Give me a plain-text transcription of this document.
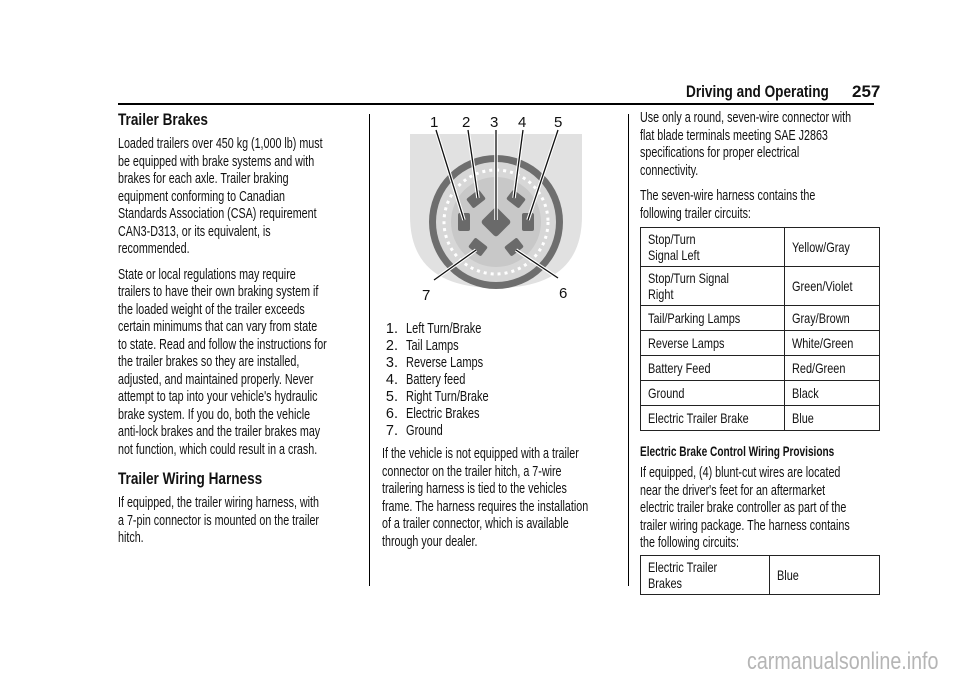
Driving and Operating 257
Trailer Brakes
Loaded trailers over 450 kg (1,000 lb) must
be equipped with brake systems and with
brakes for each axle. Trailer braking
equipment conforming to Canadian
Standards Association (CSA) requirement
CAN3-D313, or its equivalent, is
recommended.
State or local regulations may require
trailers to have their own braking system if
the loaded weight of the trailer exceeds
certain minimums that can vary from state
to state. Read and follow the instructions for
the trailer brakes so they are installed,
adjusted, and maintained properly. Never
attempt to tap into your vehicle's hydraulic
brake system. If you do, both the vehicle
anti-lock brakes and the trailer brakes may
not function, which could result in a crash.
Trailer Wiring Harness
If equipped, the trailer wiring harness, with
a 7-pin connector is mounted on the trailer
hitch.
1 2 3 4 5
6
7
1. Left Turn/Brake
2. Tail Lamps
3. Reverse Lamps
4. Battery feed
5. Right Turn/Brake
6. Electric Brakes
7. Ground
If the vehicle is not equipped with a trailer
connector on the trailer hitch, a 7-wire
trailering harness is tied to the vehicles
frame. The harness requires the installation
of a trailer connector, which is available
through your dealer.
Use only a round, seven-wire connector with
flat blade terminals meeting SAE J2863
specifications for proper electrical
connectivity.
The seven-wire harness contains the
following trailer circuits:
Stop/Turn
Signal Left	Yellow/Gray

Stop/Turn Signal
Right	Green/Violet

Tail/Parking Lamps	Gray/Brown

Reverse Lamps	White/Green

Battery Feed	Red/Green

Ground	Black

Electric Trailer Brake	Blue
Electric Brake Control Wiring Provisions
If equipped, (4) blunt-cut wires are located
near the driver's feet for an aftermarket
electric trailer brake controller as part of the
trailer wiring package. The harness contains
the following circuits:
Electric Trailer
Brakes	Blue
carmanualsonline.info
